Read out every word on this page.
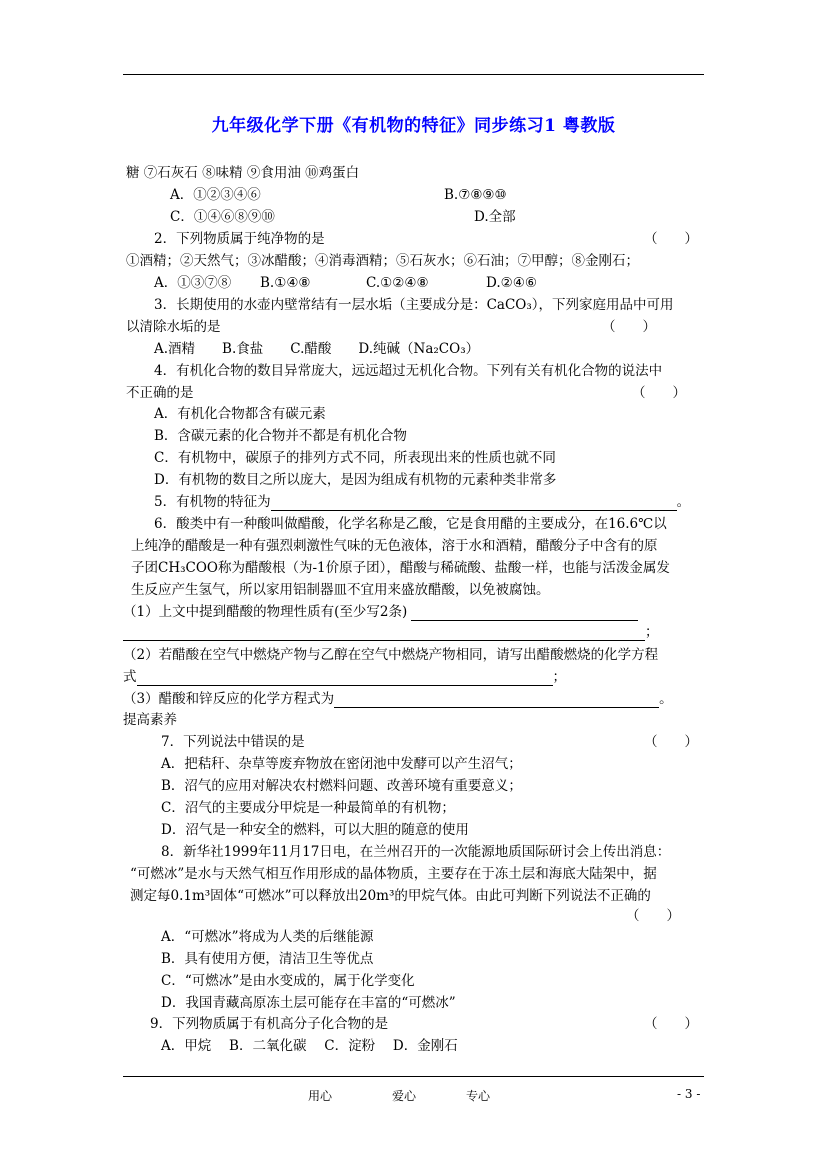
九年级化学下册《有机物的特征》同步练习1 粤教版
糖 ⑦石灰石 ⑧味精 ⑨食用油 ⑩鸡蛋白
A．①②③④⑥	B.⑦⑧⑨⑩
C．①④⑥⑧⑨⑩	D.全部
2．下列物质属于纯净物的是	（　　）
①酒精；②天然气；③冰醋酸；④消毒酒精；⑤石灰水；⑥石油；⑦甲醇；⑧金刚石；
A．①③⑦⑧ B.①④⑧	C.①②④⑧	D.②④⑥
3．长期使用的水壶内壁常结有一层水垢（主要成分是：CaCO₃），下列家庭用品中可用
以清除水垢的是	（　　）
A.酒精　　B.食盐　　C.醋酸　　D.纯碱（Na₂CO₃）
4．有机化合物的数目异常庞大，远远超过无机化合物。下列有关有机化合物的说法中
不正确的是	（　　）
A．有机化合物都含有碳元素
B．含碳元素的化合物并不都是有机化合物
C．有机物中，碳原子的排列方式不同，所表现出来的性质也就不同
D．有机物的数目之所以庞大，是因为组成有机物的元素种类非常多
5．有机物的特征为	。
6．酸类中有一种酸叫做醋酸，化学名称是乙酸，它是食用醋的主要成分，在16.6℃以
上纯净的醋酸是一种有强烈刺激性气味的无色液体，溶于水和酒精，醋酸分子中含有的原
子团CH₃COO称为醋酸根（为-1价原子团），醋酸与稀硫酸、盐酸一样，也能与活泼金属发
生反应产生氢气，所以家用铝制器皿不宜用来盛放醋酸，以免被腐蚀。
（1）上文中提到醋酸的物理性质有(至少写2条)
；
（2）若醋酸在空气中燃烧产物与乙醇在空气中燃烧产物相同，请写出醋酸燃烧的化学方程
式	；
（3）醋酸和锌反应的化学方程式为	。
提高素养
7．下列说法中错误的是	（　　）
A．把秸秆、杂草等废弃物放在密闭池中发酵可以产生沼气；
B．沼气的应用对解决农村燃料问题、改善环境有重要意义；
C．沼气的主要成分甲烷是一种最简单的有机物；
D．沼气是一种安全的燃料，可以大胆的随意的使用
8．新华社1999年11月17日电，在兰州召开的一次能源地质国际研讨会上传出消息：
“可燃冰”是水与天然气相互作用形成的晶体物质，主要存在于冻土层和海底大陆架中，据
测定每0.1m³固体“可燃冰”可以释放出20m³的甲烷气体。由此可判断下列说法不正确的
（　　）
A．“可燃冰”将成为人类的后继能源
B．具有使用方便，清洁卫生等优点
C．“可燃冰”是由水变成的，属于化学变化
D．我国青藏高原冻土层可能存在丰富的“可燃冰”
9．下列物质属于有机高分子化合物的是	（　　）
A．甲烷　 B．二氧化碳　 C．淀粉　 D．金刚石
用心	爱心	专心	- 3 -
